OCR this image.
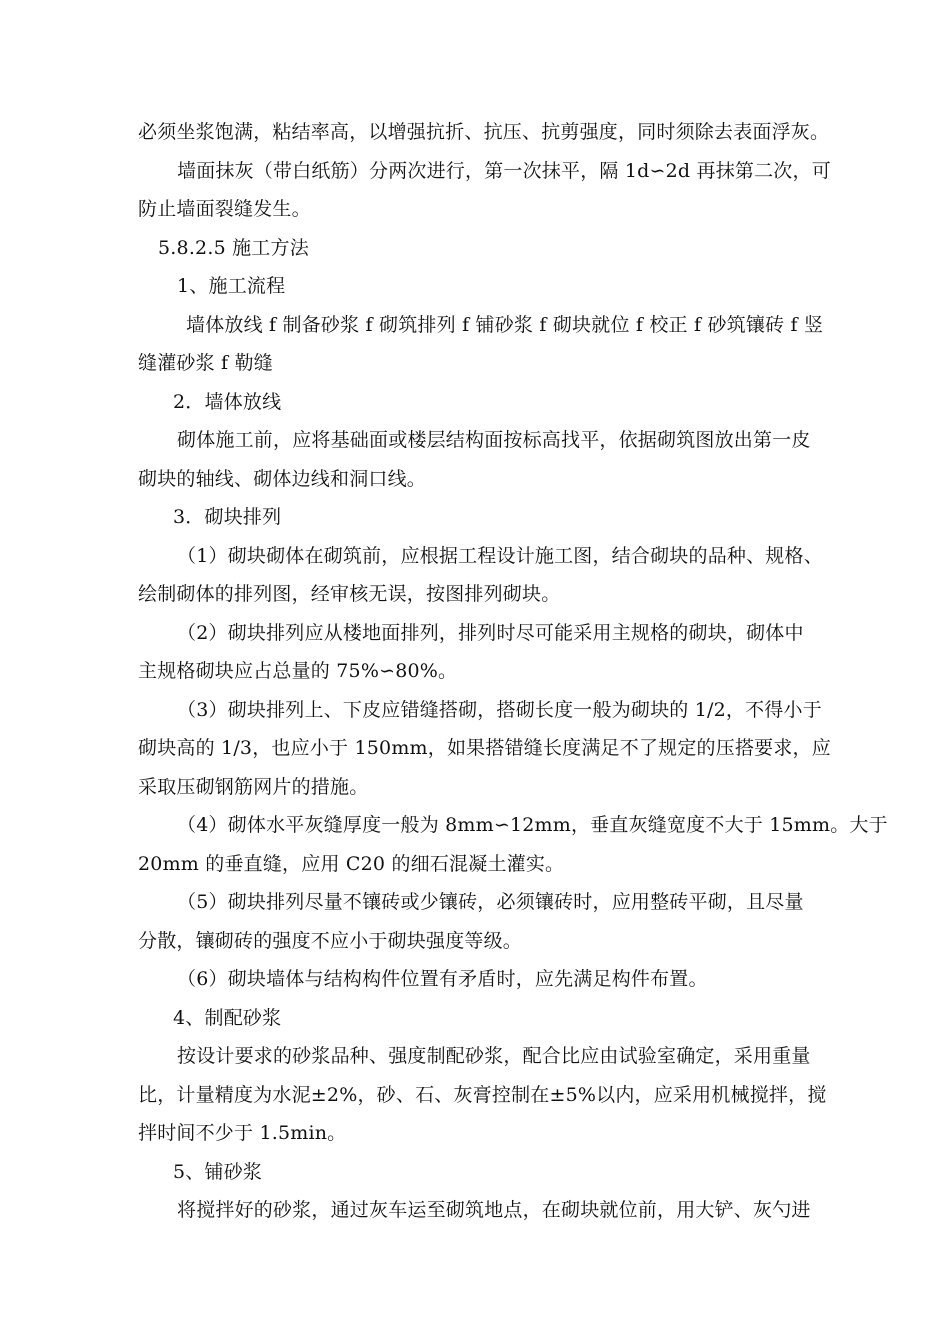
必须坐浆饱满，粘结率高，以增强抗折、抗压、抗剪强度，同时须除去表面浮灰。
墙面抹灰（带白纸筋）分两次进行，第一次抹平，隔 1d∽2d 再抹第二次，可
防止墙面裂缝发生。
5.8.2.5 施工方法
1、施工流程
墙体放线 f 制备砂浆 f 砌筑排列 f 铺砂浆 f 砌块就位 f 校正 f 砂筑镶砖 f 竖
缝灌砂浆 f 勒缝
2．墙体放线
砌体施工前，应将基础面或楼层结构面按标高找平，依据砌筑图放出第一皮
砌块的轴线、砌体边线和洞口线。
3．砌块排列
（1）砌块砌体在砌筑前，应根据工程设计施工图，结合砌块的品种、规格、
绘制砌体的排列图，经审核无误，按图排列砌块。
（2）砌块排列应从楼地面排列，排列时尽可能采用主规格的砌块，砌体中
主规格砌块应占总量的 75%∽80%。
（3）砌块排列上、下皮应错缝搭砌，搭砌长度一般为砌块的 1/2，不得小于
砌块高的 1/3，也应小于 150mm，如果搭错缝长度满足不了规定的压搭要求，应
采取压砌钢筋网片的措施。
（4）砌体水平灰缝厚度一般为 8mm∽12mm，垂直灰缝宽度不大于 15mm。大于
20mm 的垂直缝，应用 C20 的细石混凝土灌实。
（5）砌块排列尽量不镶砖或少镶砖，必须镶砖时，应用整砖平砌，且尽量
分散，镶砌砖的强度不应小于砌块强度等级。
（6）砌块墙体与结构构件位置有矛盾时，应先满足构件布置。
4、制配砂浆
按设计要求的砂浆品种、强度制配砂浆，配合比应由试验室确定，采用重量
比，计量精度为水泥±2%，砂、石、灰膏控制在±5%以内，应采用机械搅拌，搅
拌时间不少于 1.5min。
5、铺砂浆
将搅拌好的砂浆，通过灰车运至砌筑地点，在砌块就位前，用大铲、灰勺进
